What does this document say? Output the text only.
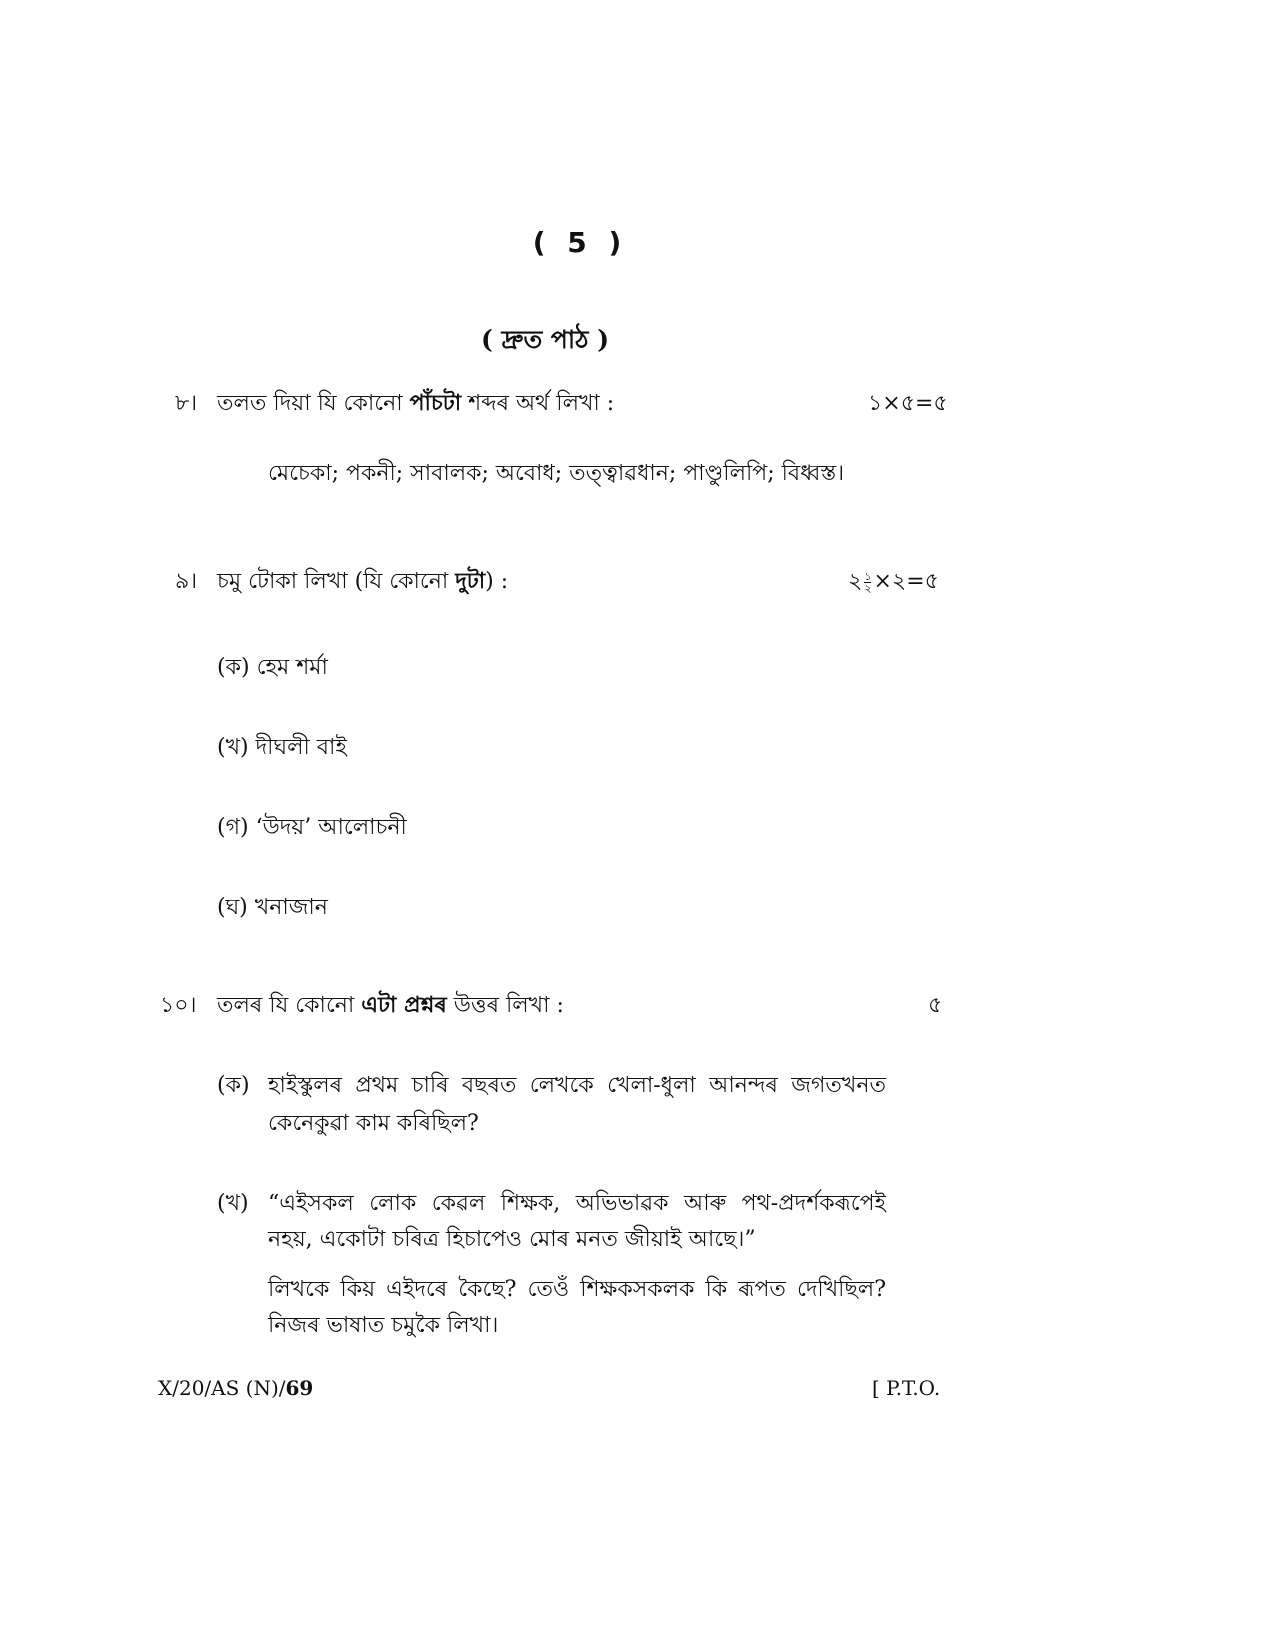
( 5 )
( দ্ৰুত পাঠ )
৮। তলত দিয়া যি কোনো পাঁচটা শব্দৰ অৰ্থ লিখা :	১×৫=৫
মেচেকা; পকনী; সাবালক; অবোধ; তত্ত্বাৱধান; পাণ্ডুলিপি; বিধ্বস্ত।
৯। চমু টোকা লিখা (যি কোনো দুটা) :	২ $\frac{১}{২}$ ×২=৫
(ক) হেম শৰ্মা
(খ) দীঘলী বাই
(গ) ‘উদয়’ আলোচনী
(ঘ) খনাজান
১০। তলৰ যি কোনো এটা প্ৰশ্নৰ উত্তৰ লিখা :	৫
(ক) হাইস্কুলৰ প্ৰথম চাৰি বছৰত লেখকে খেলা-ধুলা আনন্দৰ জগতখনত
কেনেকুৱা কাম কৰিছিল?
(খ) “এইসকল লোক কেৱল শিক্ষক, অভিভাৱক আৰু পথ-প্ৰদৰ্শকৰূপেই
নহয়, একোটা চৰিত্ৰ হিচাপেও মোৰ মনত জীয়াই আছে।”
লিখকে কিয় এইদৰে কৈছে? তেওঁ শিক্ষকসকলক কি ৰূপত দেখিছিল?
নিজৰ ভাষাত চমুকৈ লিখা।
X/20/AS (N)/69	[ P.T.O.
